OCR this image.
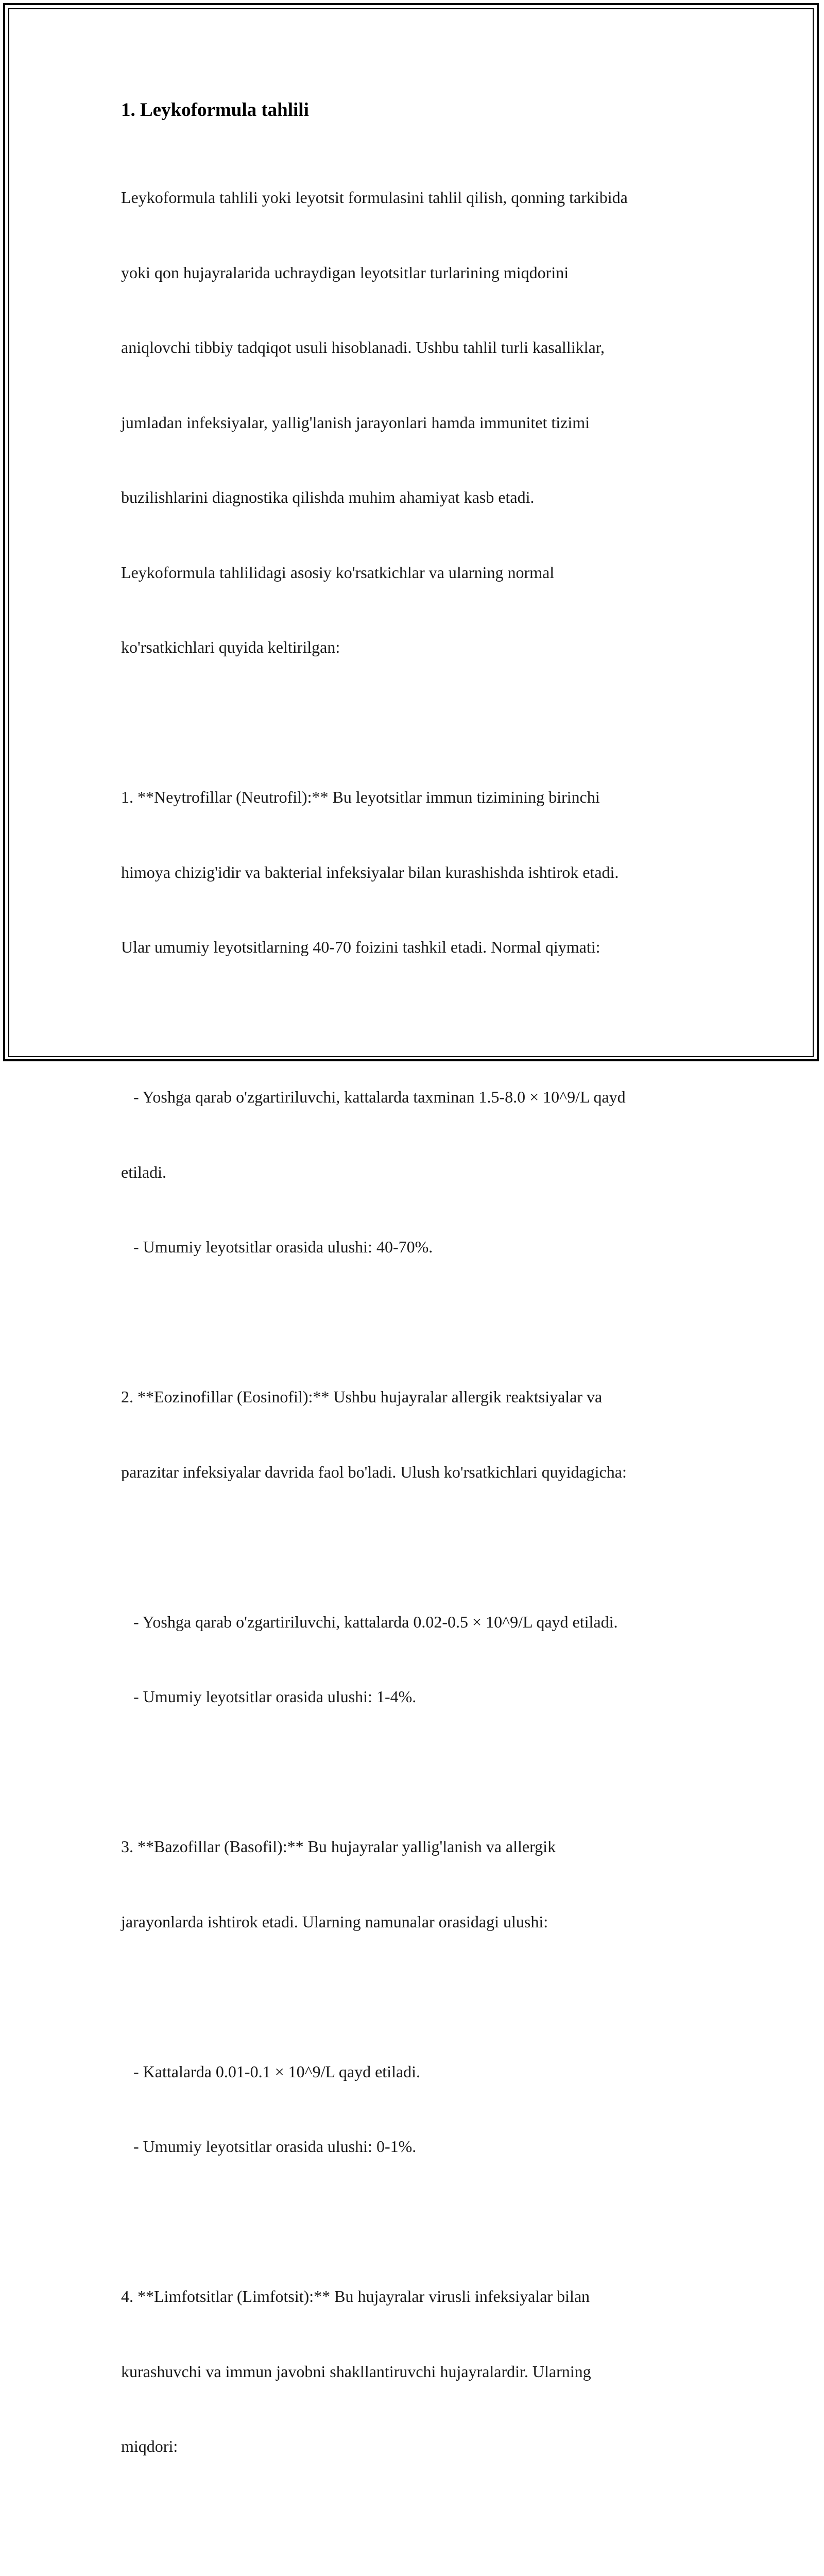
1. Leykoformula tahlili

Leykoformula tahlili yoki leyotsit formulasini tahlil qilish, qonning tarkibida

yoki qon hujayralarida uchraydigan leyotsitlar turlarining miqdorini

aniqlovchi tibbiy tadqiqot usuli hisoblanadi. Ushbu tahlil turli kasalliklar,

jumladan infeksiyalar, yallig'lanish jarayonlari hamda immunitet tizimi

buzilishlarini diagnostika qilishda muhim ahamiyat kasb etadi.

Leykoformula tahlilidagi asosiy ko'rsatkichlar va ularning normal

ko'rsatkichlari quyida keltirilgan:

1. **Neytrofillar (Neutrofil):** Bu leyotsitlar immun tizimining birinchi

himoya chizig'idir va bakterial infeksiyalar bilan kurashishda ishtirok etadi.

Ular umumiy leyotsitlarning 40-70 foizini tashkil etadi. Normal qiymati:

- Yoshga qarab o'zgartiriluvchi, kattalarda taxminan 1.5-8.0 × 10^9/L qayd

etiladi.

- Umumiy leyotsitlar orasida ulushi: 40-70%.

2. **Eozinofillar (Eosinofil):** Ushbu hujayralar allergik reaktsiyalar va

parazitar infeksiyalar davrida faol bo'ladi. Ulush ko'rsatkichlari quyidagicha:

- Yoshga qarab o'zgartiriluvchi, kattalarda 0.02-0.5 × 10^9/L qayd etiladi.

- Umumiy leyotsitlar orasida ulushi: 1-4%.

3. **Bazofillar (Basofil):** Bu hujayralar yallig'lanish va allergik

jarayonlarda ishtirok etadi. Ularning namunalar orasidagi ulushi:

- Kattalarda 0.01-0.1 × 10^9/L qayd etiladi.

- Umumiy leyotsitlar orasida ulushi: 0-1%.

4. **Limfotsitlar (Limfotsit):** Bu hujayralar virusli infeksiyalar bilan

kurashuvchi va immun javobni shakllantiruvchi hujayralardir. Ularning

miqdori:
